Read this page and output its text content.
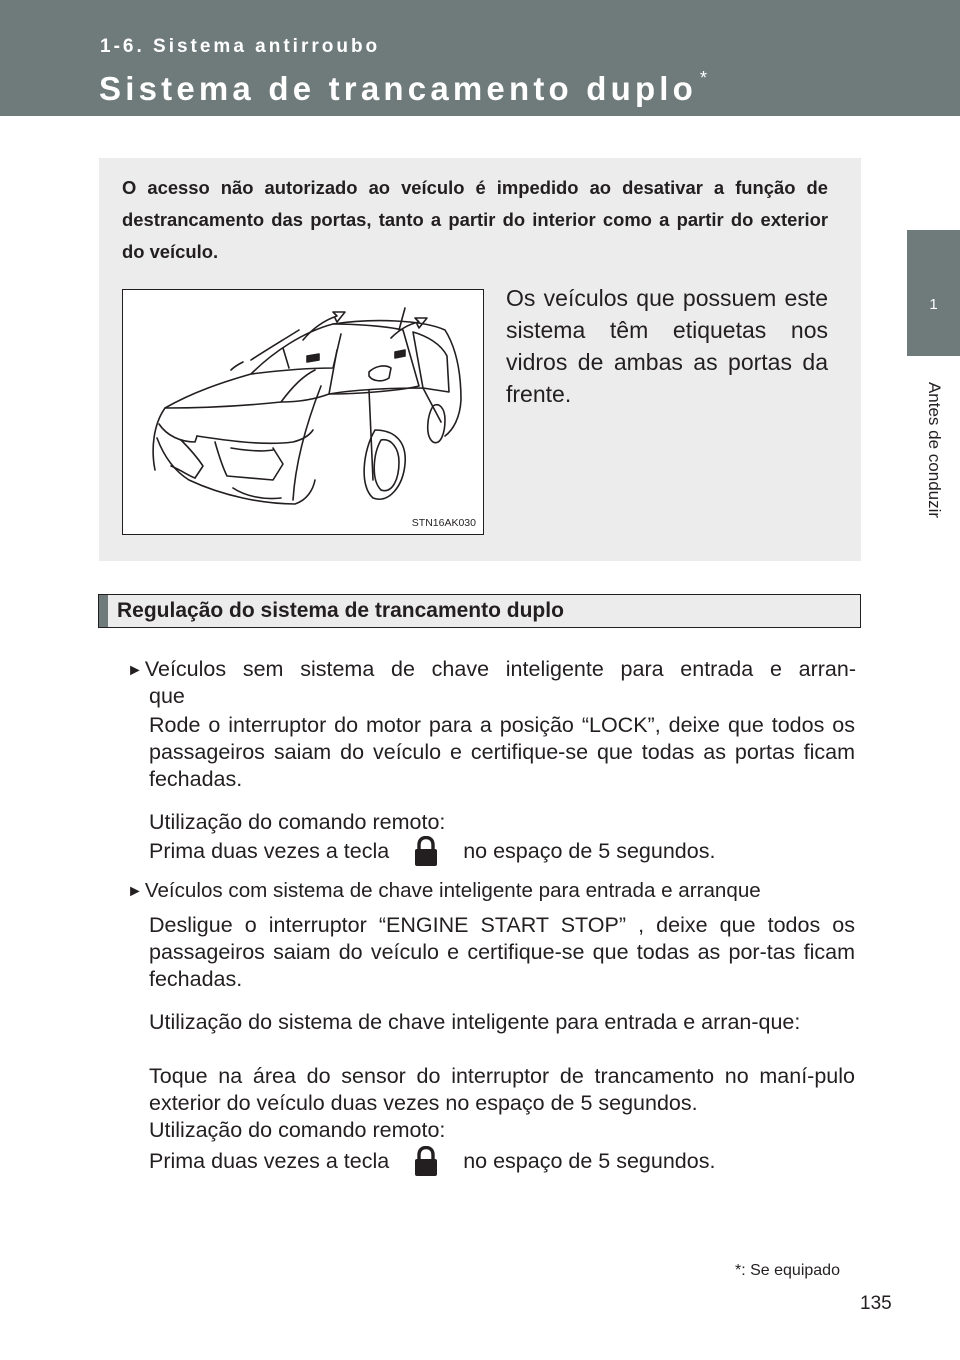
1-6. Sistema antirroubo
Sistema de trancamento duplo *
1
Antes de conduzir
O acesso não autorizado ao veículo é impedido ao desativar a função de destrancamento das portas, tanto a partir do interior como a partir do exterior do veículo.
STN16AK030
Os veículos que possuem este sistema têm etiquetas nos vidros de ambas as portas da frente.
Regulação do sistema de trancamento duplo
►Veículos sem sistema de chave inteligente para entrada e arran-
que
Rode o interruptor do motor para a posição “LOCK”, deixe que todos os passageiros saiam do veículo e certifique-se que todas as portas ficam fechadas.
Utilização do comando remoto:
Prima duas vezes a tecla	no espaço de 5 segundos.
►Veículos com sistema de chave inteligente para entrada e arranque
Desligue o interruptor “ENGINE START STOP” , deixe que todos os passageiros saiam do veículo e certifique-se que todas as por-tas ficam fechadas.
Utilização do sistema de chave inteligente para entrada e arran-que:
Toque na área do sensor do interruptor de trancamento no maní-pulo exterior do veículo duas vezes no espaço de 5 segundos.
Utilização do comando remoto:
Prima duas vezes a tecla	no espaço de 5 segundos.
*: Se equipado
135
